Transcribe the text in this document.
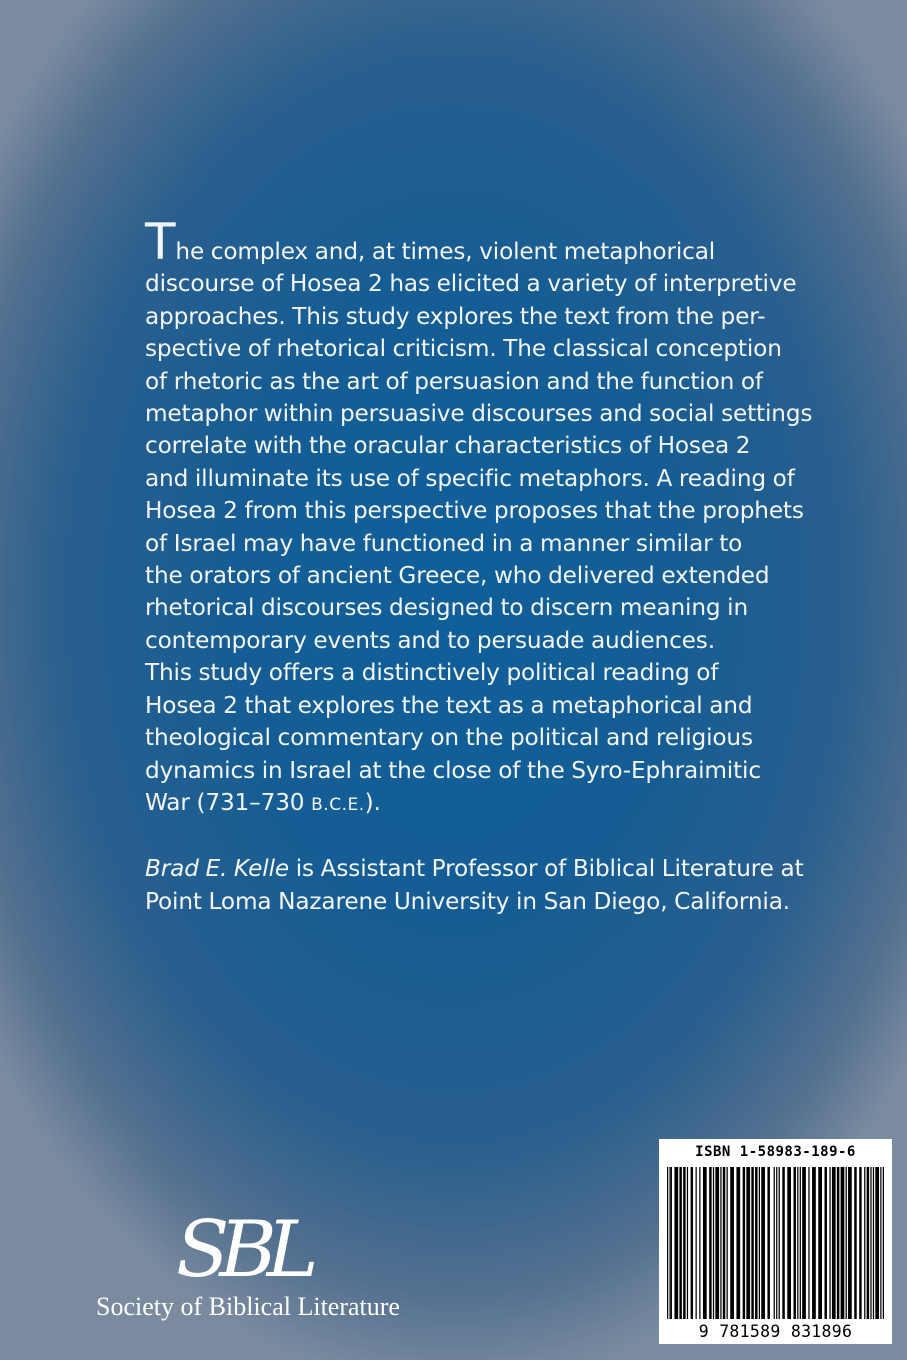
The complex and, at times, violent metaphorical
discourse of Hosea 2 has elicited a variety of interpretive
approaches. This study explores the text from the per-
spective of rhetorical criticism. The classical conception
of rhetoric as the art of persuasion and the function of
metaphor within persuasive discourses and social settings
correlate with the oracular characteristics of Hosea 2
and illuminate its use of specific metaphors. A reading of
Hosea 2 from this perspective proposes that the prophets
of Israel may have functioned in a manner similar to
the orators of ancient Greece, who delivered extended
rhetorical discourses designed to discern meaning in
contemporary events and to persuade audiences.
This study offers a distinctively political reading of
Hosea 2 that explores the text as a metaphorical and
theological commentary on the political and religious
dynamics in Israel at the close of the Syro-Ephraimitic
War (731–730 B.C.E.).

Brad E. Kelle is Assistant Professor of Biblical Literature at
Point Loma Nazarene University in San Diego, California.

SBL
Society of Biblical Literature
ISBN 1-58983-189-6
9 781589 831896
